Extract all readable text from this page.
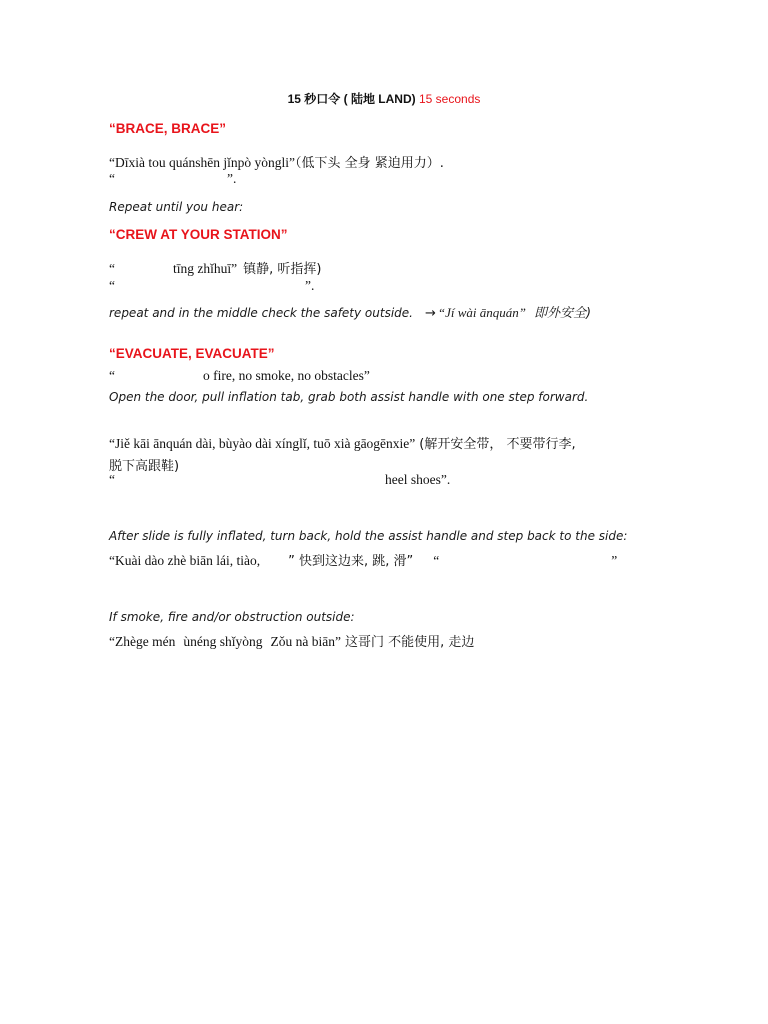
15 秒口令 ( 陆地 LAND) 15 seconds
“BRACE, BRACE”
“Dīxià tou quánshēn jǐnpò yòngli”（低下头 全身 紧迫用力）.
“	”.
Repeat until you hear:
“CREW AT YOUR STATION”
“	tīng zhǐhuī” 镇静, 听指挥)
“	”.
repeat and in the middle check the safety outside. → “Jí wài ānquán” 即外安全)
“EVACUATE, EVACUATE”
“	o fire, no smoke, no obstacles”
Open the door, pull inflation tab, grab both assist handle with one step forward.
“Jiě kāi ānquán dài, bùyào dài xínglǐ, tuō xià gāogēnxie” (解开安全带， 不要带行李,
脱下高跟鞋)
“	heel shoes”.
After slide is fully inflated, turn back, hold the assist handle and step back to the side:
“Kuài dào zhè biān lái, tiào, ” 快到这边来, 跳, 滑” “	”
If smoke, fire and/or obstruction outside:
“Zhège mén ùnéng shǐyòng Zǒu nà biān” 这哥门 不能使用, 走边
